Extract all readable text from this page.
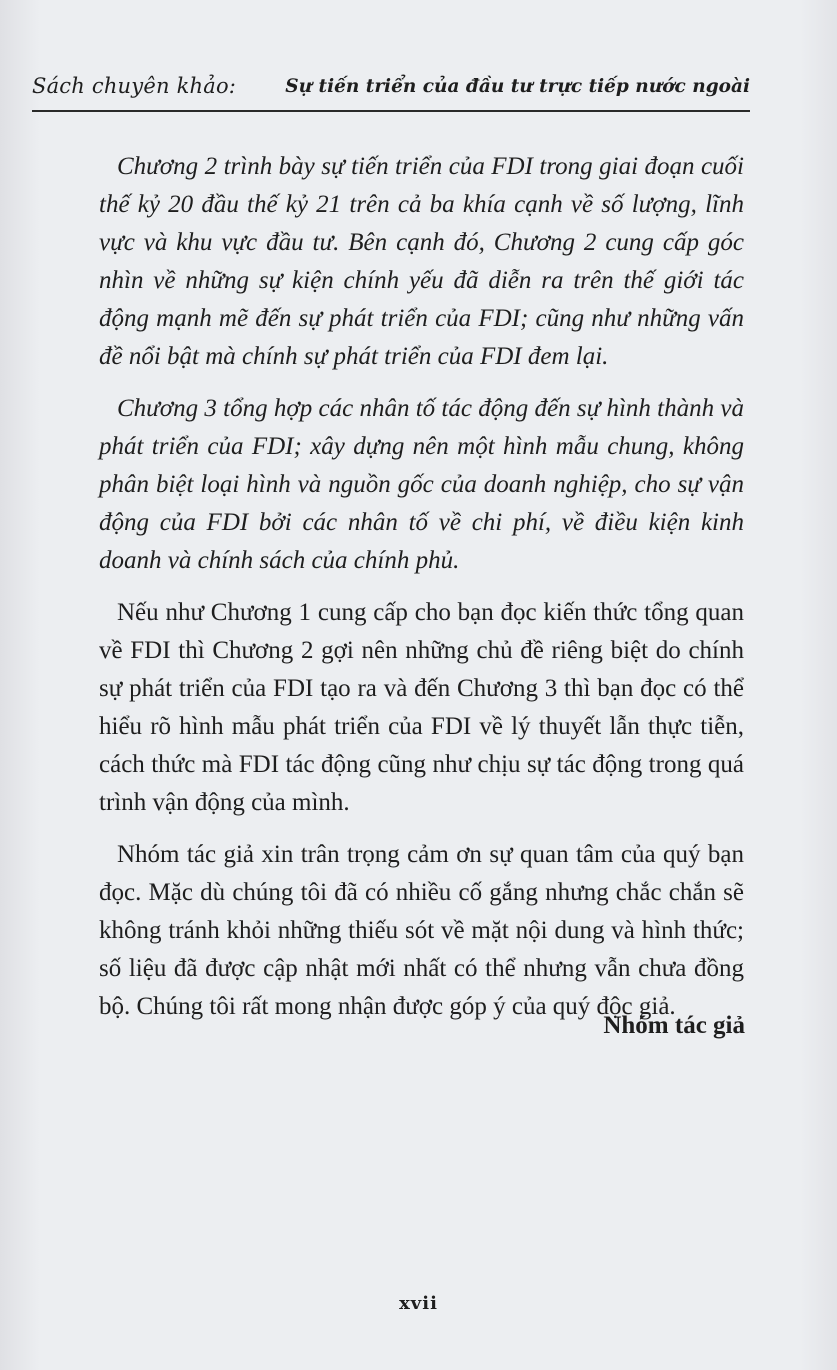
Sách chuyên khảo:	Sự tiến triển của đầu tư trực tiếp nước ngoài

Chương 2 trình bày sự tiến triển của FDI trong giai đoạn cuối thế kỷ 20 đầu thế kỷ 21 trên cả ba khía cạnh về số lượng, lĩnh vực và khu vực đầu tư. Bên cạnh đó, Chương 2 cung cấp góc nhìn về những sự kiện chính yếu đã diễn ra trên thế giới tác động mạnh mẽ đến sự phát triển của FDI; cũng như những vấn đề nổi bật mà chính sự phát triển của FDI đem lại.

Chương 3 tổng hợp các nhân tố tác động đến sự hình thành và phát triển của FDI; xây dựng nên một hình mẫu chung, không phân biệt loại hình và nguồn gốc của doanh nghiệp, cho sự vận động của FDI bởi các nhân tố về chi phí, về điều kiện kinh doanh và chính sách của chính phủ.

Nếu như Chương 1 cung cấp cho bạn đọc kiến thức tổng quan về FDI thì Chương 2 gợi nên những chủ đề riêng biệt do chính sự phát triển của FDI tạo ra và đến Chương 3 thì bạn đọc có thể hiểu rõ hình mẫu phát triển của FDI về lý thuyết lẫn thực tiễn, cách thức mà FDI tác động cũng như chịu sự tác động trong quá trình vận động của mình.

Nhóm tác giả xin trân trọng cảm ơn sự quan tâm của quý bạn đọc. Mặc dù chúng tôi đã có nhiều cố gắng nhưng chắc chắn sẽ không tránh khỏi những thiếu sót về mặt nội dung và hình thức; số liệu đã được cập nhật mới nhất có thể nhưng vẫn chưa đồng bộ. Chúng tôi rất mong nhận được góp ý của quý độc giả.

Nhóm tác giả
xvii
